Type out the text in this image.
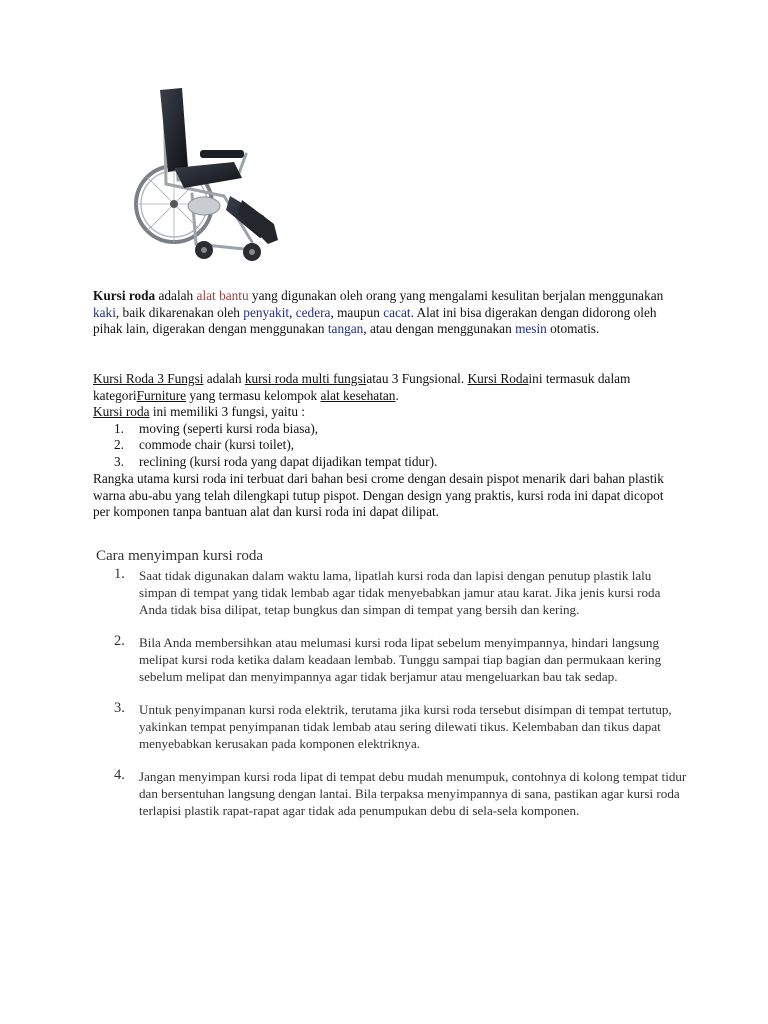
Kursi roda adalah alat bantu yang digunakan oleh orang yang mengalami kesulitan berjalan menggunakan kaki, baik dikarenakan oleh penyakit, cedera, maupun cacat. Alat ini bisa digerakan dengan didorong oleh pihak lain, digerakan dengan menggunakan tangan, atau dengan menggunakan mesin otomatis.

Kursi Roda 3 Fungsi adalah kursi roda multi fungsiatau 3 Fungsional. Kursi Rodaini termasuk dalam kategoriFurniture yang termasu kelompok alat kesehatan.
Kursi roda ini memiliki 3 fungsi, yaitu :
1. moving (seperti kursi roda biasa),
2. commode chair (kursi toilet),
3. reclining (kursi roda yang dapat dijadikan tempat tidur).

Rangka utama kursi roda ini terbuat dari bahan besi crome dengan desain pispot menarik dari bahan plastik warna abu-abu yang telah dilengkapi tutup pispot. Dengan design yang praktis, kursi roda ini dapat dicopot per komponen tanpa bantuan alat dan kursi roda ini dapat dilipat.

Cara menyimpan kursi roda
1. Saat tidak digunakan dalam waktu lama, lipatlah kursi roda dan lapisi dengan penutup plastik lalu simpan di tempat yang tidak lembab agar tidak menyebabkan jamur atau karat. Jika jenis kursi roda Anda tidak bisa dilipat, tetap bungkus dan simpan di tempat yang bersih dan kering.
2. Bila Anda membersihkan atau melumasi kursi roda lipat sebelum menyimpannya, hindari langsung melipat kursi roda ketika dalam keadaan lembab. Tunggu sampai tiap bagian dan permukaan kering sebelum melipat dan menyimpannya agar tidak berjamur atau mengeluarkan bau tak sedap.
3. Untuk penyimpanan kursi roda elektrik, terutama jika kursi roda tersebut disimpan di tempat tertutup, yakinkan tempat penyimpanan tidak lembab atau sering dilewati tikus. Kelembaban dan tikus dapat menyebabkan kerusakan pada komponen elektriknya.
4. Jangan menyimpan kursi roda lipat di tempat debu mudah menumpuk, contohnya di kolong tempat tidur dan bersentuhan langsung dengan lantai. Bila terpaksa menyimpannya di sana, pastikan agar kursi roda terlapisi plastik rapat-rapat agar tidak ada penumpukan debu di sela-sela komponen.
